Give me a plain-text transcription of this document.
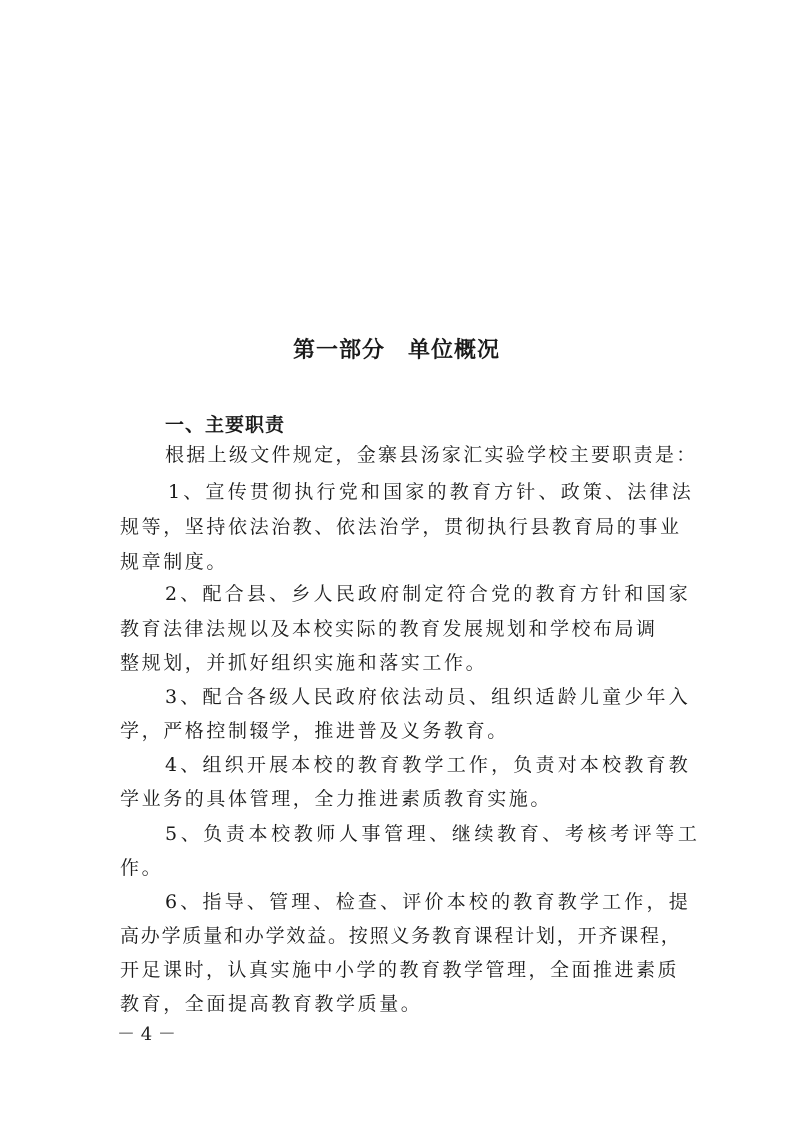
第一部分　单位概况
一、主要职责
根据上级文件规定，金寨县汤家汇实验学校主要职责是：
1、宣传贯彻执行党和国家的教育方针、政策、法律法
规等，坚持依法治教、依法治学，贯彻执行县教育局的事业
规章制度。
2、配合县、乡人民政府制定符合党的教育方针和国家
教育法律法规以及本校实际的教育发展规划和学校布局调
整规划，并抓好组织实施和落实工作。
3、配合各级人民政府依法动员、组织适龄儿童少年入
学，严格控制辍学，推进普及义务教育。
4、组织开展本校的教育教学工作，负责对本校教育教
学业务的具体管理，全力推进素质教育实施。
5、负责本校教师人事管理、继续教育、考核考评等工
作。
6、指导、管理、检查、评价本校的教育教学工作，提
高办学质量和办学效益。按照义务教育课程计划，开齐课程，
开足课时，认真实施中小学的教育教学管理，全面推进素质
教育，全面提高教育教学质量。
－ 4 －
